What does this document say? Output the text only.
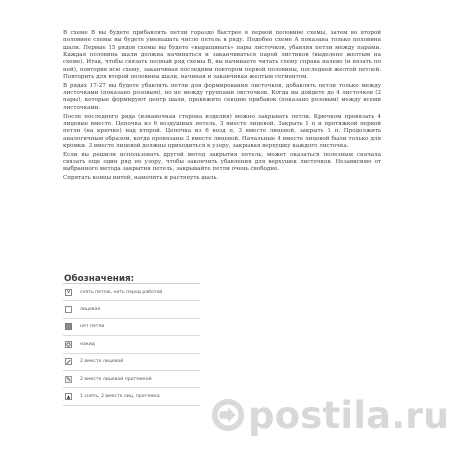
В схеме В вы будете прибавлять петли гораздо быстрее в первой половине схемы, затем во второй половине схемы вы будете уменьшать число петель в ряду. Подобно схеме А показана только половина шали. Первые 15 рядов схемы вы будете «выращивать» пары листочков, убавляя петли между парами. Каждая половина шали должна начинаться и заканчиваться парой листиков (выделено желтым на схеме). Итак, чтобы связать полный ряд схемы В, вы начинаете читать схему справа налево (и вязать по ней), повторив всю схему, заканчивая последним повтором первой половины, последней желтой петлей. Повторить для второй половины шали, начиная и заканчивая желтым сегментом.

В рядах 17-27 вы будете убавлять петли для формирования листочков, добавлять петли только между листочками (показано розовым), но не между группами листочков. Когда вы дойдете до 4 листочков (2 пары), которые формируют центр шали, провяжите секцию прибавок (показано розовым) между всеми листочками.

После последнего ряда (изнаночная сторона изделия) можно закрывать петли. Крючком провязать 4 лицевые вместе. Цепочка из 6 воздушных петель, 3 вместе лицевой. Закрыть 1 п и протяжкой первой петли (на крючке) над второй. Цепочка из 6 возд п, 3 вместе лицевой, закрыть 1 п. Продолжить аналогичным образом, когда провязаны 3 вместе лицевой. Начальные 4 вместе лицевой были только для кромки. 3 вместе лицевой должны приходиться к узору, закрывая верхушку каждого листочка.

Если вы решили использовать другой метод закрытия петель, может оказаться полезным сначала связать еще один ряд по узору, чтобы закончить убавления для верхушек листочков. Независимо от выбранного метода закрытия петель, закрывайте петли очень свободно.

Спрятать концы нитей, намочить и растянуть шаль.

Обозначения:
V	снять петлю, нить перед работой
лицевая
нет петли
накид
2 вместе лицевой
2 вместе лицевой протяжкой
1 снять, 2 вместе лиц, протяжка postila.ru
